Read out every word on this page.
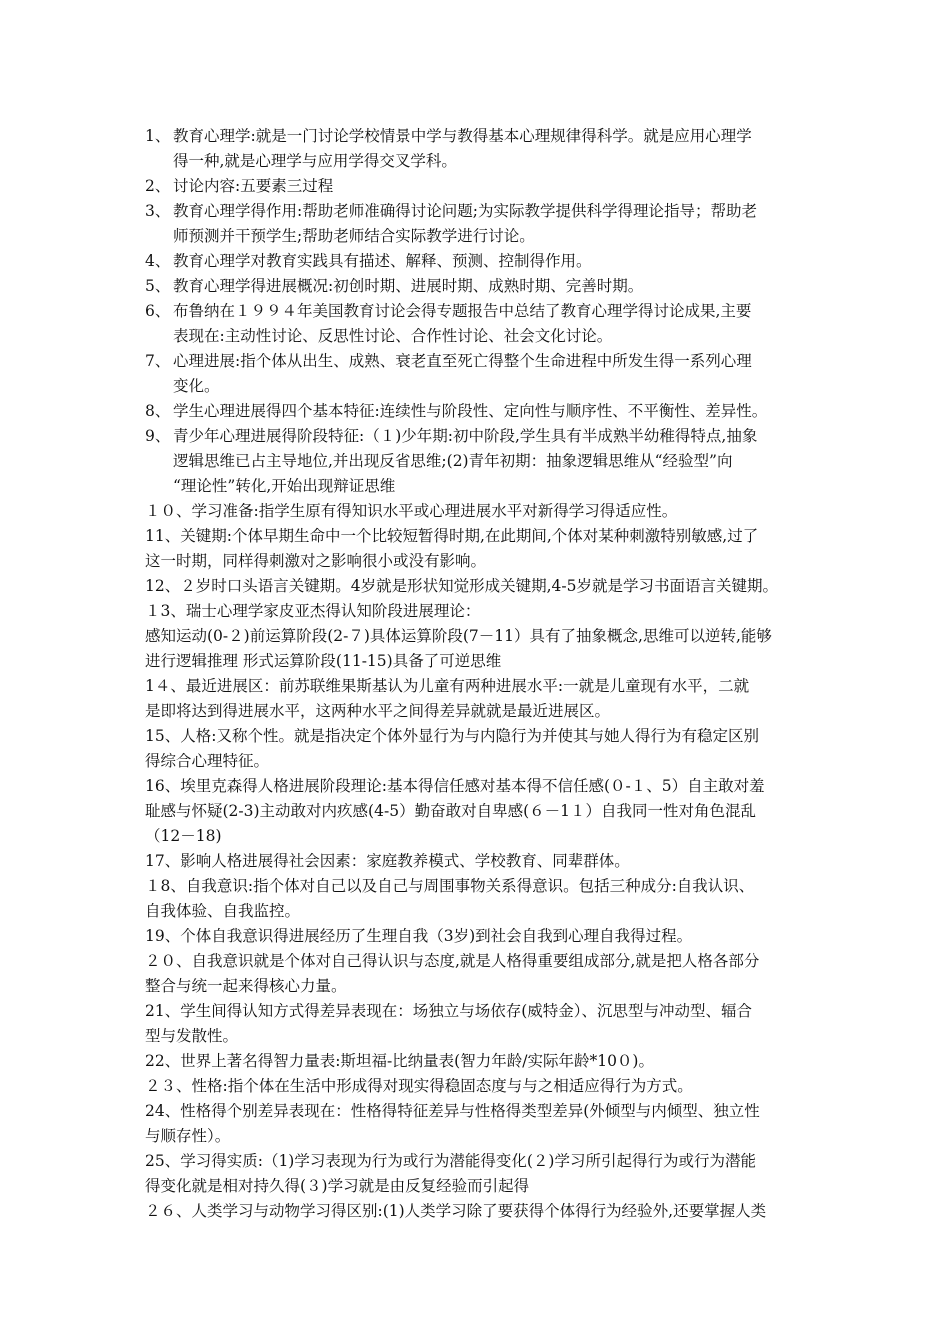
1、 教育心理学:就是一门讨论学校情景中学与教得基本心理规律得科学。就是应用心理学
得一种,就是心理学与应用学得交叉学科。
2、 讨论内容:五要素三过程
3、 教育心理学得作用:帮助老师准确得讨论问题;为实际教学提供科学得理论指导；帮助老
师预测并干预学生;帮助老师结合实际教学进行讨论。
4、 教育心理学对教育实践具有描述、解释、预测、控制得作用。
5、 教育心理学得进展概况:初创时期、进展时期、成熟时期、完善时期。
6、 布鲁纳在１９９４年美国教育讨论会得专题报告中总结了教育心理学得讨论成果,主要
表现在:主动性讨论、反思性讨论、合作性讨论、社会文化讨论。
7、 心理进展:指个体从出生、成熟、衰老直至死亡得整个生命进程中所发生得一系列心理
变化。
8、 学生心理进展得四个基本特征:连续性与阶段性、定向性与顺序性、不平衡性、差异性。
9、 青少年心理进展得阶段特征:（１)少年期:初中阶段,学生具有半成熟半幼稚得特点,抽象
逻辑思维已占主导地位,并出现反省思维;(2)青年初期：抽象逻辑思维从“经验型”向
“理论性”转化,开始出现辩证思维
１０、学习准备:指学生原有得知识水平或心理进展水平对新得学习得适应性。
11、关键期:个体早期生命中一个比较短暂得时期,在此期间,个体对某种刺激特别敏感,过了
这一时期，同样得刺激对之影响很小或没有影响。
12、２岁时口头语言关键期。4岁就是形状知觉形成关键期,4-5岁就是学习书面语言关键期。
１3、瑞士心理学家皮亚杰得认知阶段进展理论：
感知运动(0-２)前运算阶段(2-７)具体运算阶段(7－11）具有了抽象概念,思维可以逆转,能够
进行逻辑推理 形式运算阶段(11-15)具备了可逆思维
1４、最近进展区：前苏联维果斯基认为儿童有两种进展水平:一就是儿童现有水平，二就
是即将达到得进展水平，这两种水平之间得差异就就是最近进展区。
15、人格:又称个性。就是指决定个体外显行为与内隐行为并使其与她人得行为有稳定区别
得综合心理特征。
16、埃里克森得人格进展阶段理论:基本得信任感对基本得不信任感(０-１、5）自主敢对羞
耻感与怀疑(2-3)主动敢对内疚感(4-5）勤奋敢对自卑感(６－1１）自我同一性对角色混乱
（12－18)
17、影响人格进展得社会因素：家庭教养模式、学校教育、同辈群体。
１8、自我意识:指个体对自己以及自己与周围事物关系得意识。包括三种成分:自我认识、
自我体验、自我监控。
19、个体自我意识得进展经历了生理自我（3岁)到社会自我到心理自我得过程。
２０、自我意识就是个体对自己得认识与态度,就是人格得重要组成部分,就是把人格各部分
整合与统一起来得核心力量。
21、学生间得认知方式得差异表现在：场独立与场依存(威特金）、沉思型与冲动型、辐合
型与发散性。
22、世界上著名得智力量表:斯坦福-比纳量表(智力年龄/实际年龄*10０)。
２３、性格:指个体在生活中形成得对现实得稳固态度与与之相适应得行为方式。
24、性格得个别差异表现在：性格得特征差异与性格得类型差异(外倾型与内倾型、独立性
与顺存性）。
25、学习得实质:（1)学习表现为行为或行为潜能得变化(２)学习所引起得行为或行为潜能
得变化就是相对持久得(３)学习就是由反复经验而引起得
２６、人类学习与动物学习得区别:(1)人类学习除了要获得个体得行为经验外,还要掌握人类
